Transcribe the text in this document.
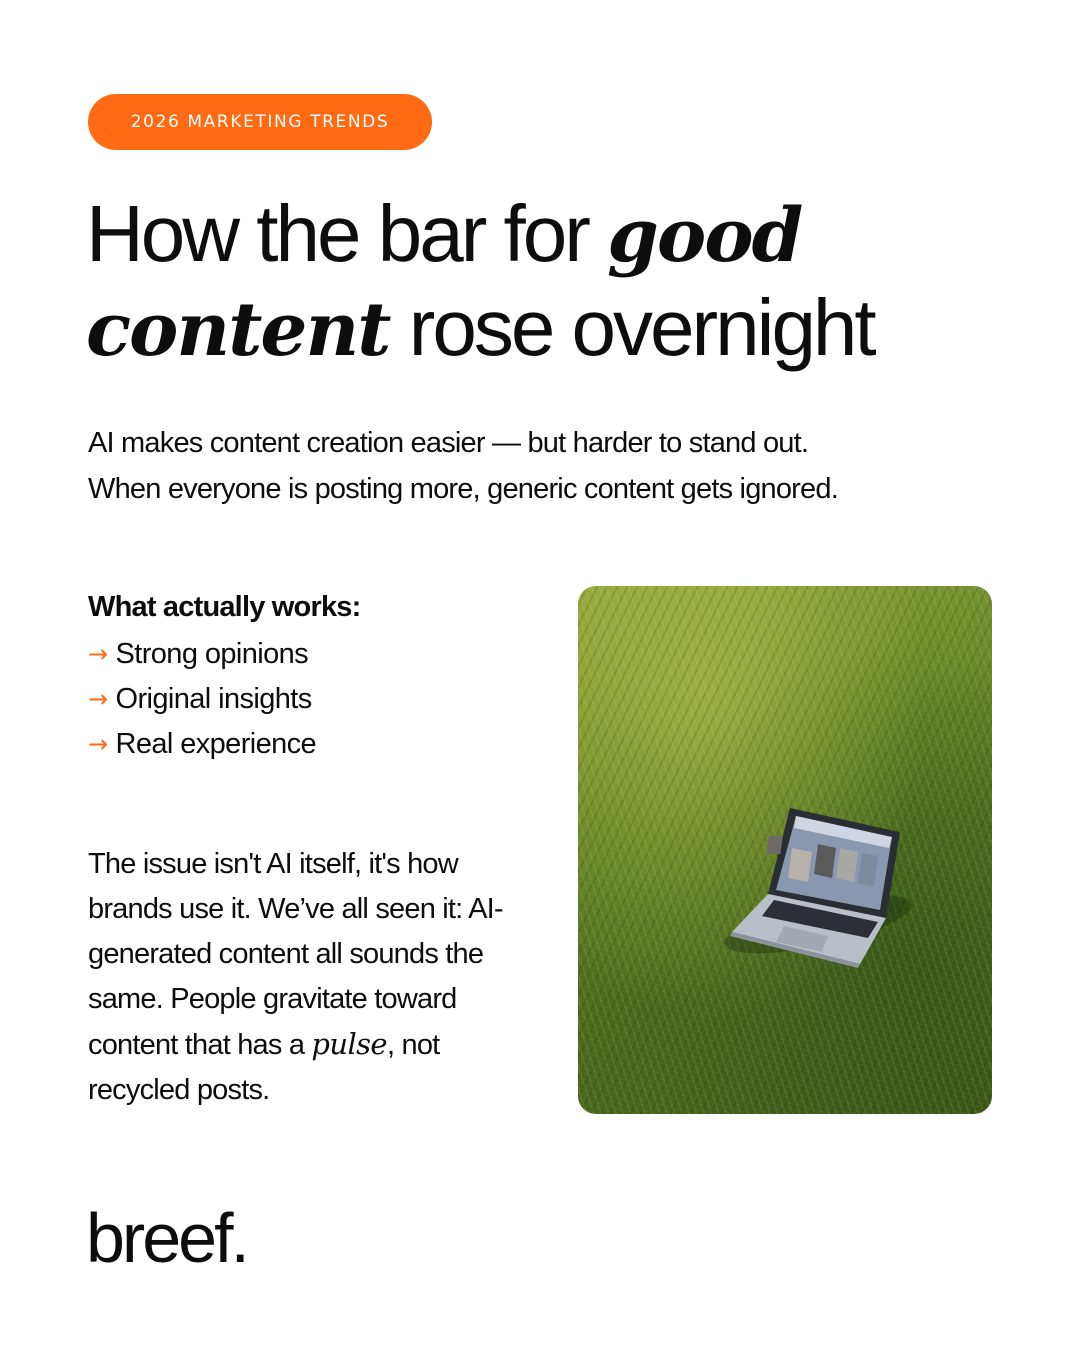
2026 MARKETING TRENDS
How the bar for good
content rose overnight

AI makes content creation easier — but harder to stand out.

When everyone is posting more, generic content gets ignored.

What actually works:
→ Strong opinions
→ Original insights
→ Real experience

The issue isn't AI itself, it's how brands use it. We’ve all seen it: AI-generated content all sounds the same. People gravitate toward content that has a pulse, not recycled posts.

breef.
